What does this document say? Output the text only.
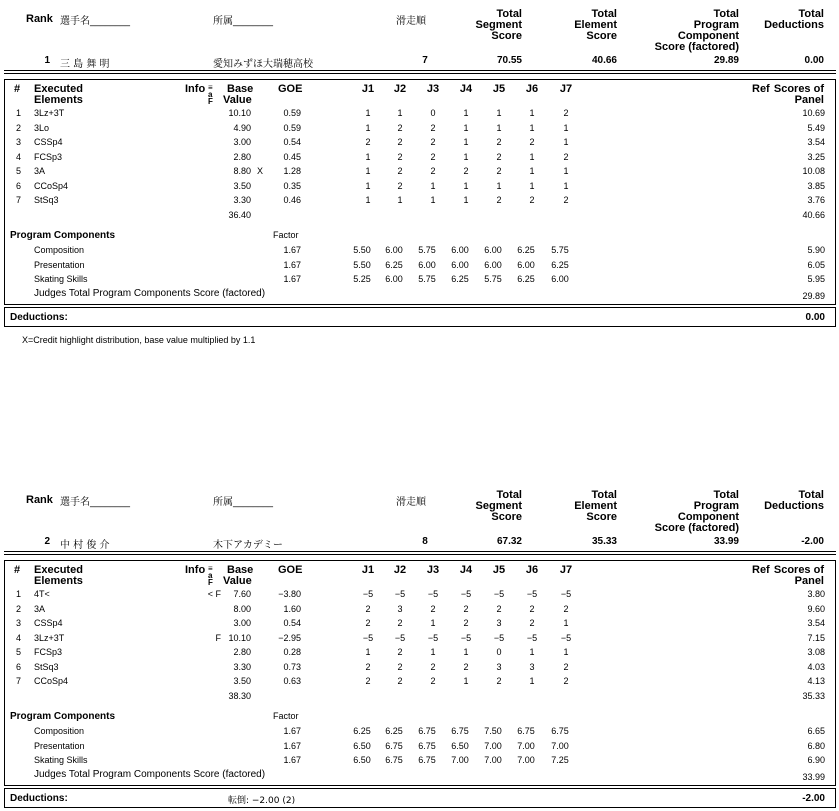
Rank 選手名________	所属________	滑走順
Total
Segment
Score
Total
Element
Score
Total
Program
Component
Score (factored)
Total
Deductions
1 三 島 舞 明	愛知みずほ大瑞穂高校	7	70.55	40.66	29.89	0.00
# Executed
Elements
Info ≡
a
F
Base
Value
GOE	J1	J2	J3	J4	J5	J6	J7	Ref Scores of
Panel
1 3Lz+3T	10.10	0.59	1	1	0	1	1	1	2	10.69
2 3Lo	4.90	0.59	1	2	2	1	1	1	1	5.49
3 CSSp4	3.00	0.54	2	2	2	1	2	2	1	3.54
4 FCSp3	2.80	0.45	1	2	2	1	2	1	2	3.25
5 3A	8.80 X	1.28	1	2	2	2	2	1	1	10.08
6 CCoSp4	3.50	0.35	1	2	1	1	1	1	1	3.85
7 StSq3	3.30	0.46	1	1	1	1	2	2	2	3.76
36.40	40.66
Program Components	Factor
Composition	1.67	5.50	6.00	5.75	6.00	6.00	6.25	5.75	5.90
Presentation	1.67	5.50	6.25	6.00	6.00	6.00	6.00	6.25	6.05
Skating Skills	1.67	5.25	6.00	5.75	6.25	5.75	6.25	6.00	5.95
Judges Total Program Components Score (factored)	29.89
Deductions:	0.00
X=Credit highlight distribution, base value multiplied by 1.1
Rank 選手名________	所属________	滑走順
Total
Segment
Score
Total
Element
Score
Total
Program
Component
Score (factored)
Total
Deductions
2 中 村 俊 介	木下アカデミー	8	67.32	35.33	33.99	-2.00
# Executed
Elements
Info ≡
a
F
Base
Value
GOE	J1	J2	J3	J4	J5	J6	J7	Ref Scores of
Panel
1 4T<	< F	7.60	−3.80	−5	−5	−5	−5	−5	−5	−5	3.80
2 3A	8.00	1.60	2	3	2	2	2	2	2	9.60
3 CSSp4	3.00	0.54	2	2	1	2	3	2	1	3.54
4 3Lz+3T	F 10.10	−2.95	−5	−5	−5	−5	−5	−5	−5	7.15
5 FCSp3	2.80	0.28	1	2	1	1	0	1	1	3.08
6 StSq3	3.30	0.73	2	2	2	2	3	3	2	4.03
7 CCoSp4	3.50	0.63	2	2	2	1	2	1	2	4.13
38.30	35.33
Program Components	Factor
Composition	1.67	6.25	6.25	6.75	6.75	7.50	6.75	6.75	6.65
Presentation	1.67	6.50	6.75	6.75	6.50	7.00	7.00	7.00	6.80
Skating Skills	1.67	6.50	6.75	6.75	7.00	7.00	7.00	7.25	6.90
Judges Total Program Components Score (factored)	33.99
Deductions:	転倒: −2.00 (2)	-2.00
